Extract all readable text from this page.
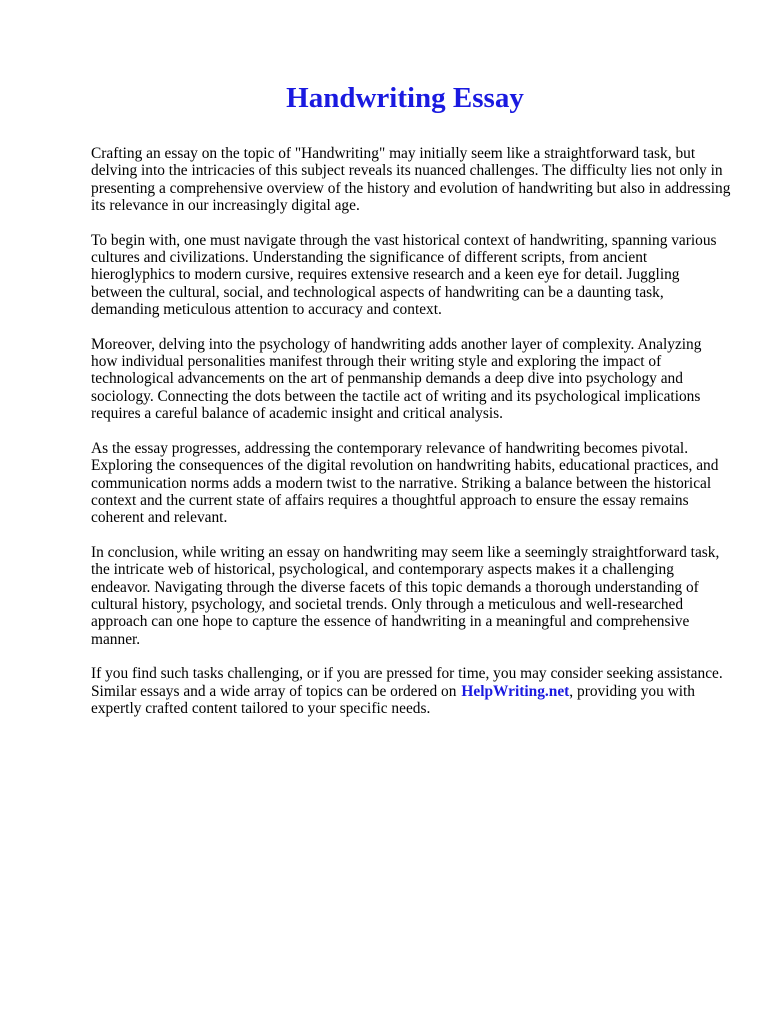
Handwriting Essay

Crafting an essay on the topic of "Handwriting" may initially seem like a straightforward task, but delving into the intricacies of this subject reveals its nuanced challenges. The difficulty lies not only in presenting a comprehensive overview of the history and evolution of handwriting but also in addressing its relevance in our increasingly digital age.

To begin with, one must navigate through the vast historical context of handwriting, spanning various cultures and civilizations. Understanding the significance of different scripts, from ancient hieroglyphics to modern cursive, requires extensive research and a keen eye for detail. Juggling between the cultural, social, and technological aspects of handwriting can be a daunting task, demanding meticulous attention to accuracy and context.

Moreover, delving into the psychology of handwriting adds another layer of complexity. Analyzing how individual personalities manifest through their writing style and exploring the impact of technological advancements on the art of penmanship demands a deep dive into psychology and sociology. Connecting the dots between the tactile act of writing and its psychological implications requires a careful balance of academic insight and critical analysis.

As the essay progresses, addressing the contemporary relevance of handwriting becomes pivotal. Exploring the consequences of the digital revolution on handwriting habits, educational practices, and communication norms adds a modern twist to the narrative. Striking a balance between the historical context and the current state of affairs requires a thoughtful approach to ensure the essay remains coherent and relevant.

In conclusion, while writing an essay on handwriting may seem like a seemingly straightforward task, the intricate web of historical, psychological, and contemporary aspects makes it a challenging endeavor. Navigating through the diverse facets of this topic demands a thorough understanding of cultural history, psychology, and societal trends. Only through a meticulous and well-researched approach can one hope to capture the essence of handwriting in a meaningful and comprehensive manner.

If you find such tasks challenging, or if you are pressed for time, you may consider seeking assistance. Similar essays and a wide array of topics can be ordered on HelpWriting.net, providing you with expertly crafted content tailored to your specific needs.
